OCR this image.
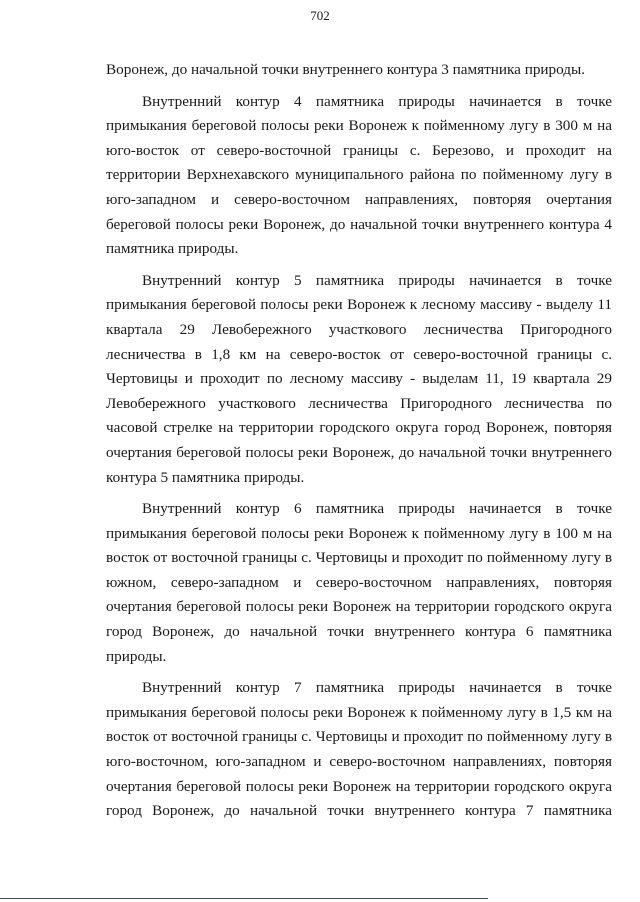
702

Воронеж, до начальной точки внутреннего контура 3 памятника природы.

Внутренний контур 4 памятника природы начинается в точке примыкания береговой полосы реки Воронеж к пойменному лугу в 300 м на юго-восток от северо-восточной границы с. Березово, и проходит на территории Верхнехавского муниципального района по пойменному лугу в юго-западном и северо-восточном направлениях, повторяя очертания береговой полосы реки Воронеж, до начальной точки внутреннего контура 4 памятника природы.

Внутренний контур 5 памятника природы начинается в точке примыкания береговой полосы реки Воронеж к лесному массиву - выделу 11 квартала 29 Левобережного участкового лесничества Пригородного лесничества в 1,8 км на северо-восток от северо-восточной границы с. Чертовицы и проходит по лесному массиву - выделам 11, 19 квартала 29 Левобережного участкового лесничества Пригородного лесничества по часовой стрелке на территории городского округа город Воронеж, повторяя очертания береговой полосы реки Воронеж, до начальной точки внутреннего контура 5 памятника природы.

Внутренний контур 6 памятника природы начинается в точке примыкания береговой полосы реки Воронеж к пойменному лугу в 100 м на восток от восточной границы с. Чертовицы и проходит по пойменному лугу в южном, северо-западном и северо-восточном направлениях, повторяя очертания береговой полосы реки Воронеж на территории городского округа город Воронеж, до начальной точки внутреннего контура 6 памятника природы.

Внутренний контур 7 памятника природы начинается в точке примыкания береговой полосы реки Воронеж к пойменному лугу в 1,5 км на восток от восточной границы с. Чертовицы и проходит по пойменному лугу в юго-восточном, юго-западном и северо-восточном направлениях, повторяя очертания береговой полосы реки Воронеж на территории городского округа город Воронеж, до начальной точки внутреннего контура 7 памятника
